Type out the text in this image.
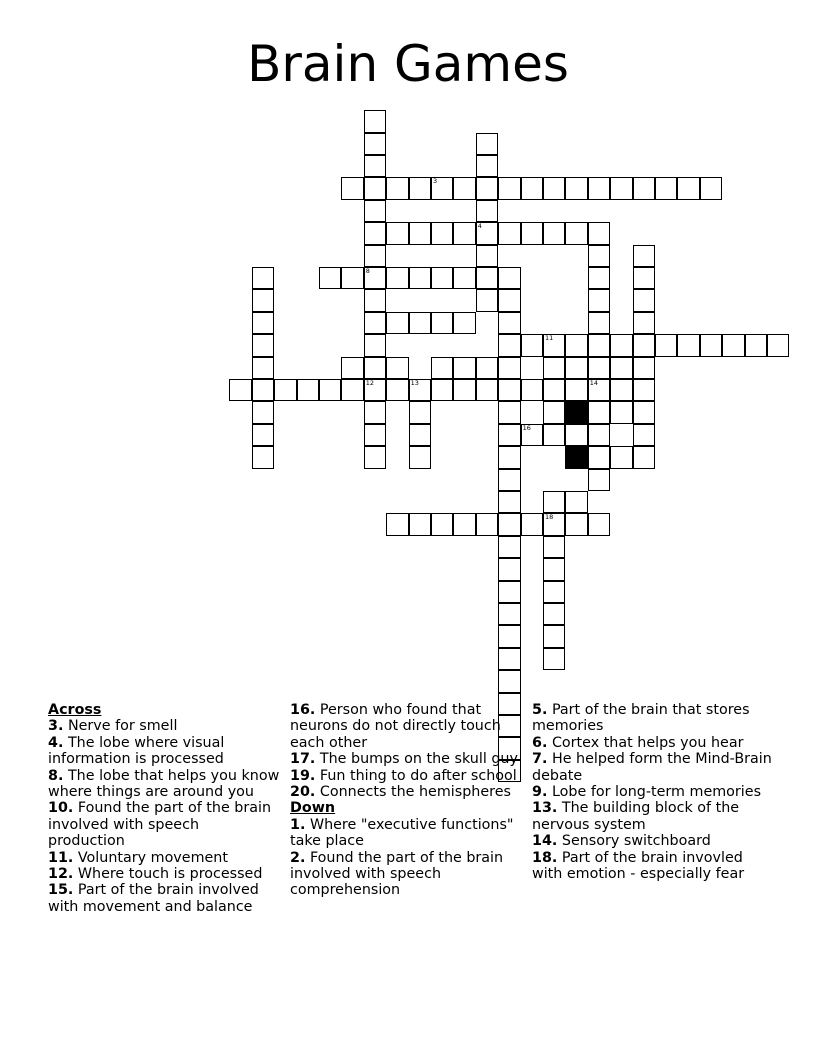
Brain Games
8
12
4
3
14
11
13
16
18
Across
3. Nerve for smell
4. The lobe where visual information is processed
8. The lobe that helps you know where things are around you
10. Found the part of the brain involved with speech production
11. Voluntary movement
12. Where touch is processed
15. Part of the brain involved with movement and balance
16. Person who found that neurons do not directly touch each other
17. The bumps on the skull guy
19. Fun thing to do after school
20. Connects the hemispheres
Down
1. Where "executive functions" take place
2. Found the part of the brain involved with speech comprehension
5. Part of the brain that stores memories
6. Cortex that helps you hear
7. He helped form the Mind-Brain debate
9. Lobe for long-term memories
13. The building block of the nervous system
14. Sensory switchboard
18. Part of the brain invovled with emotion - especially fear
